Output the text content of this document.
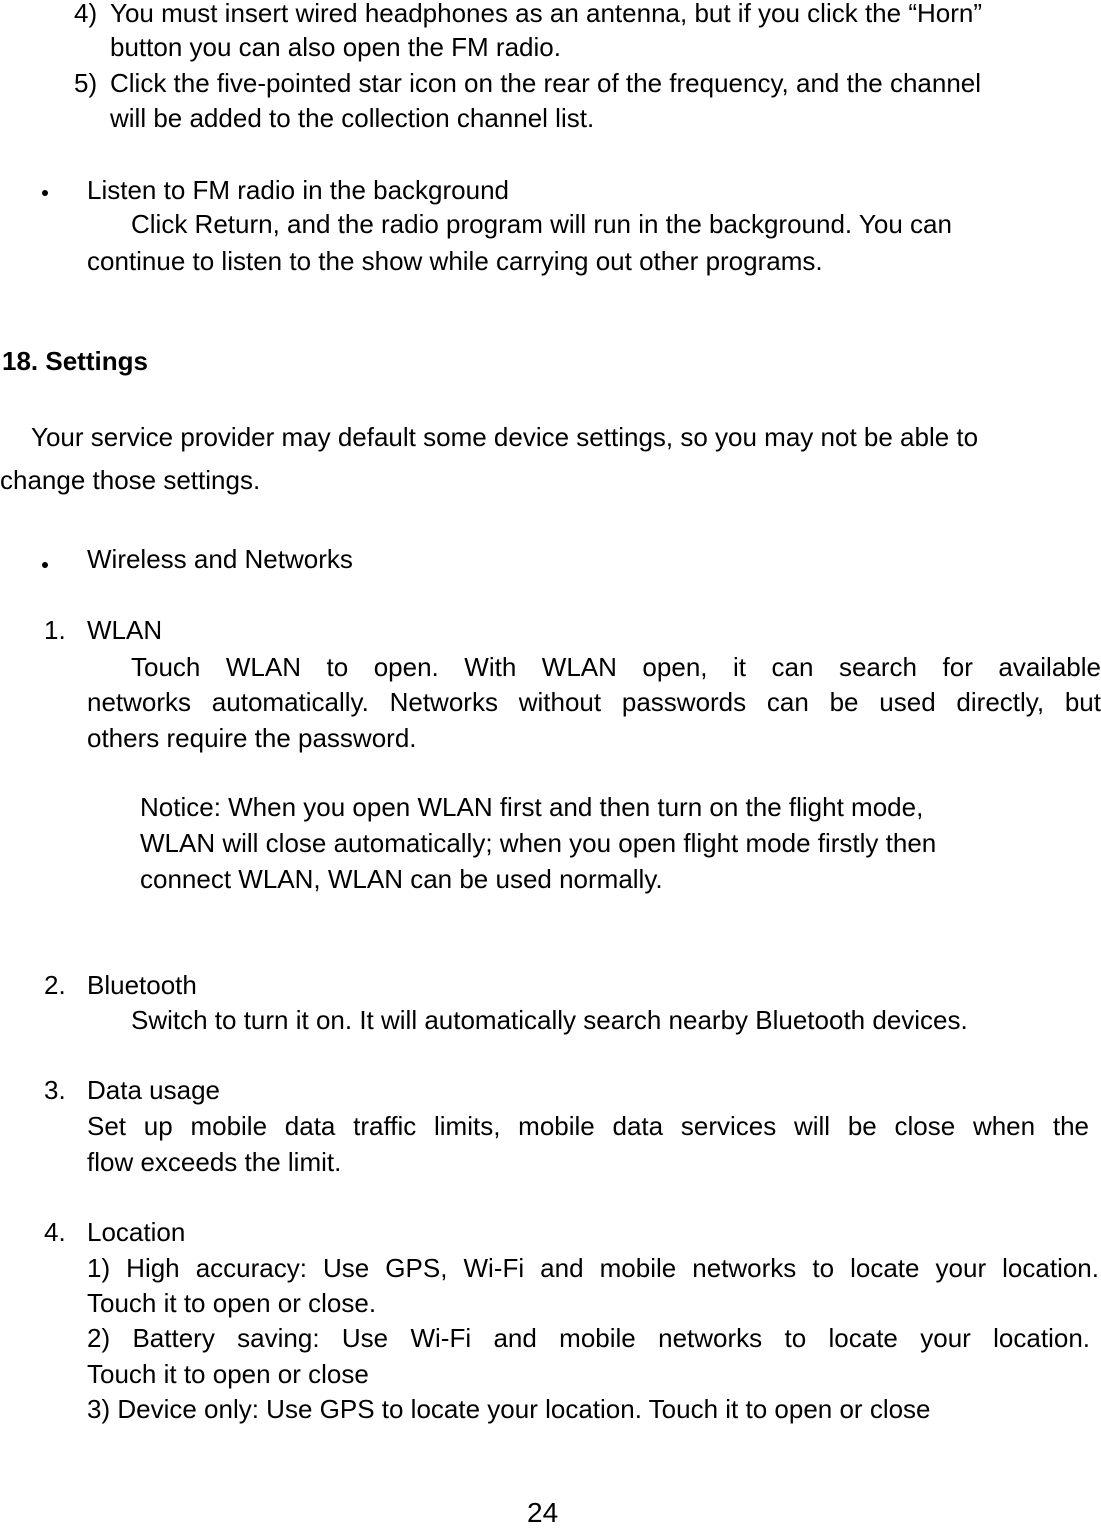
4) You must insert wired headphones as an antenna, but if you click the “Horn”
button you can also open the FM radio.
5) Click the five-pointed star icon on the rear of the frequency, and the channel
will be added to the collection channel list.
Listen to FM radio in the background
Click Return, and the radio program will run in the background. You can
continue to listen to the show while carrying out other programs.
18. Settings
Your service provider may default some device settings, so you may not be able to
change those settings.
Wireless and Networks
1. WLAN
Touch WLAN to open. With WLAN open, it can search for available
networks automatically. Networks without passwords can be used directly, but
others require the password.
Notice: When you open WLAN first and then turn on the flight mode,
WLAN will close automatically; when you open flight mode firstly then
connect WLAN, WLAN can be used normally.
2. Bluetooth
Switch to turn it on. It will automatically search nearby Bluetooth devices.
3. Data usage
Set up mobile data traffic limits, mobile data services will be close when the
flow exceeds the limit.
4. Location
1) High accuracy: Use GPS, Wi-Fi and mobile networks to locate your location.
Touch it to open or close.
2) Battery saving: Use Wi-Fi and mobile networks to locate your location.
Touch it to open or close
3) Device only: Use GPS to locate your location. Touch it to open or close
24
